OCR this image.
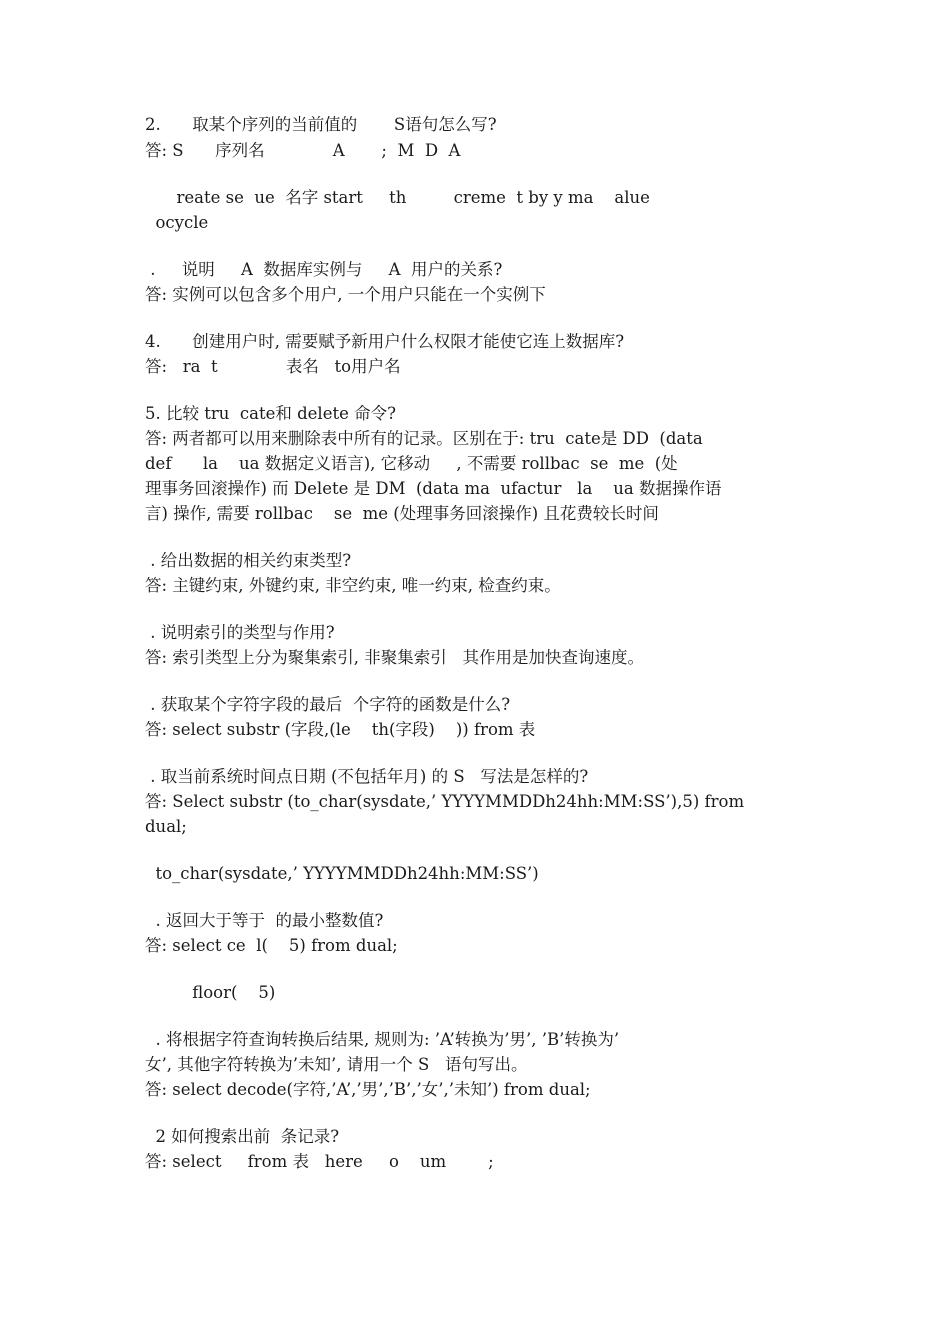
2.      取某个序列的当前值的       S语句怎么写?

答: S      序列名             A       ;  M  D  A

reate se  ue  名字 start     th         creme  t by y ma    alue

ocycle

.     说明     A  数据库实例与     A  用户的关系?

答: 实例可以包含多个用户, 一个用户只能在一个实例下

4.      创建用户时, 需要赋予新用户什么权限才能使它连上数据库?

答:   ra  t             表名   to用户名

5. 比较 tru  cate和 delete 命令?

答: 两者都可以用来删除表中所有的记录。区别在于: tru  cate是 DD  (data

def      la    ua 数据定义语言), 它移动     , 不需要 rollbac  se  me  (处

理事务回滚操作) 而 Delete 是 DM  (data ma  ufactur   la    ua 数据操作语

言) 操作, 需要 rollbac    se  me (处理事务回滚操作) 且花费较长时间

. 给出数据的相关约束类型?

答: 主键约束, 外键约束, 非空约束, 唯一约束, 检查约束。

. 说明索引的类型与作用?

答: 索引类型上分为聚集索引, 非聚集索引   其作用是加快查询速度。

. 获取某个字符字段的最后  个字符的函数是什么?

答: select substr (字段,(le    th(字段)    )) from 表

. 取当前系统时间点日期 (不包括年月) 的 S   写法是怎样的?

答: Select substr (to_char(sysdate,’ YYYYMMDDh24hh:MM:SS’),5) from

dual;

to_char(sysdate,’ YYYYMMDDh24hh:MM:SS’)

. 返回大于等于  的最小整数值?

答: select ce  l(    5) from dual;

floor(    5)

. 将根据字符查询转换后结果, 规则为: ’A’转换为’男’, ’B’转换为’

女’, 其他字符转换为’未知’, 请用一个 S   语句写出。

答: select decode(字符,’A’,’男’,’B’,’女’,’未知’) from dual;

2 如何搜索出前  条记录?

答: select     from 表   here     o    um        ;
